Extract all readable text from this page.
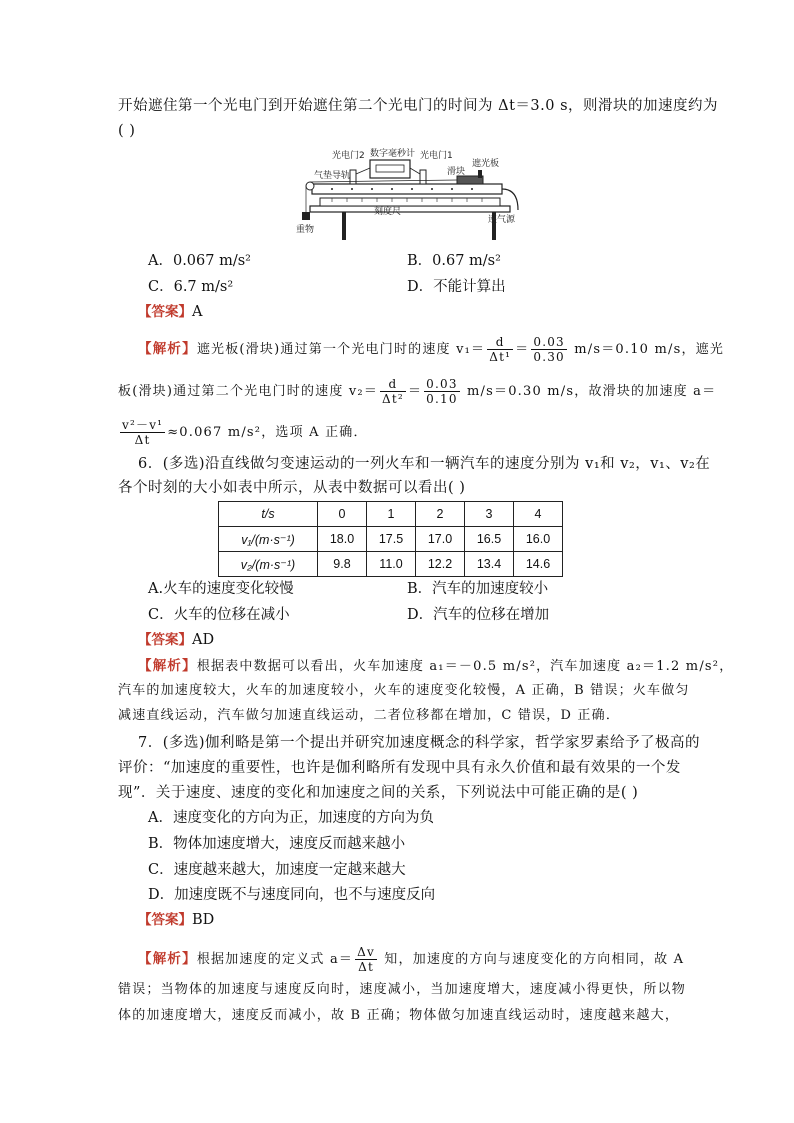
开始遮住第一个光电门到开始遮住第二个光电门的时间为 Δt＝3.0 s，则滑块的加速度约为
( )
光电门2 数字毫秒计 光电门1
气垫导轨	滑块
遮光板
刻度尺
连气源
重物
A．0.067 m/s²	B．0.67 m/s²
C．6.7 m/s²	D．不能计算出
【答案】A
【解析】遮光板(滑块)通过第一个光电门时的速度 $v_1= \frac{d}{\text{Δt¹}} = \frac{0.03}{0.30} m/s=0.10$ m/s，遮光
板(滑块)通过第二个光电门时的速度 $v_2= \frac{d}{\text{Δt²}} = \frac{0.03}{0.10} m/s=0.30$ m/s，故滑块的加速度 a＝
$\frac{\text{v²－v¹}}{\Delta t} \approx 0.067$ m/s²，选项 A 正确．
6．(多选)沿直线做匀变速运动的一列火车和一辆汽车的速度分别为 v₁和 v₂，v₁、v₂在
各个时刻的大小如表中所示，从表中数据可以看出( )
t/s	0	1	2	3	4
v₁/(m·s⁻¹)	18.0	17.5	17.0	16.5	16.0
v₂/(m·s⁻¹)	9.8	11.0	12.2	13.4	14.6
A.火车的速度变化较慢	B．汽车的加速度较小
C．火车的位移在减小	D．汽车的位移在增加
【答案】AD
【解析】根据表中数据可以看出，火车加速度 a₁＝－0.5 m/s²，汽车加速度 a₂＝1.2 m/s²，
汽车的加速度较大，火车的加速度较小，火车的速度变化较慢，A 正确，B 错误；火车做匀
减速直线运动，汽车做匀加速直线运动，二者位移都在增加，C 错误，D 正确．
7．(多选)伽利略是第一个提出并研究加速度概念的科学家，哲学家罗素给予了极高的
评价：“加速度的重要性，也许是伽利略所有发现中具有永久价值和最有效果的一个发
现”．关于速度、速度的变化和加速度之间的关系，下列说法中可能正确的是( )
A．速度变化的方向为正，加速度的方向为负
B．物体加速度增大，速度反而越来越小
C．速度越来越大，加速度一定越来越大
D．加速度既不与速度同向，也不与速度反向
【答案】BD
【解析】根据加速度的定义式 $a= \frac{\Delta v}{\Delta t}$ 知，加速度的方向与速度变化的方向相同，故 A
错误；当物体的加速度与速度反向时，速度减小，当加速度增大，速度减小得更快，所以物
体的加速度增大，速度反而减小，故 B 正确；物体做匀加速直线运动时，速度越来越大，
